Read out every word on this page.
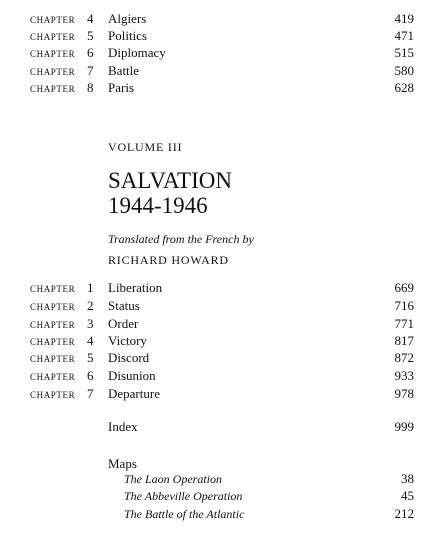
CHAPTER 4 Algiers	419
CHAPTER 5 Politics	471
CHAPTER 6 Diplomacy	515
CHAPTER 7 Battle	580
CHAPTER 8 Paris	628
VOLUME III
SALVATION
1944-1946
Translated from the French by
RICHARD HOWARD
CHAPTER 1 Liberation	669
CHAPTER 2 Status	716
CHAPTER 3 Order	771
CHAPTER 4 Victory	817
CHAPTER 5 Discord	872
CHAPTER 6 Disunion	933
CHAPTER 7 Departure	978
Index	999
Maps
The Laon Operation	38
The Abbeville Operation	45
The Battle of the Atlantic	212
